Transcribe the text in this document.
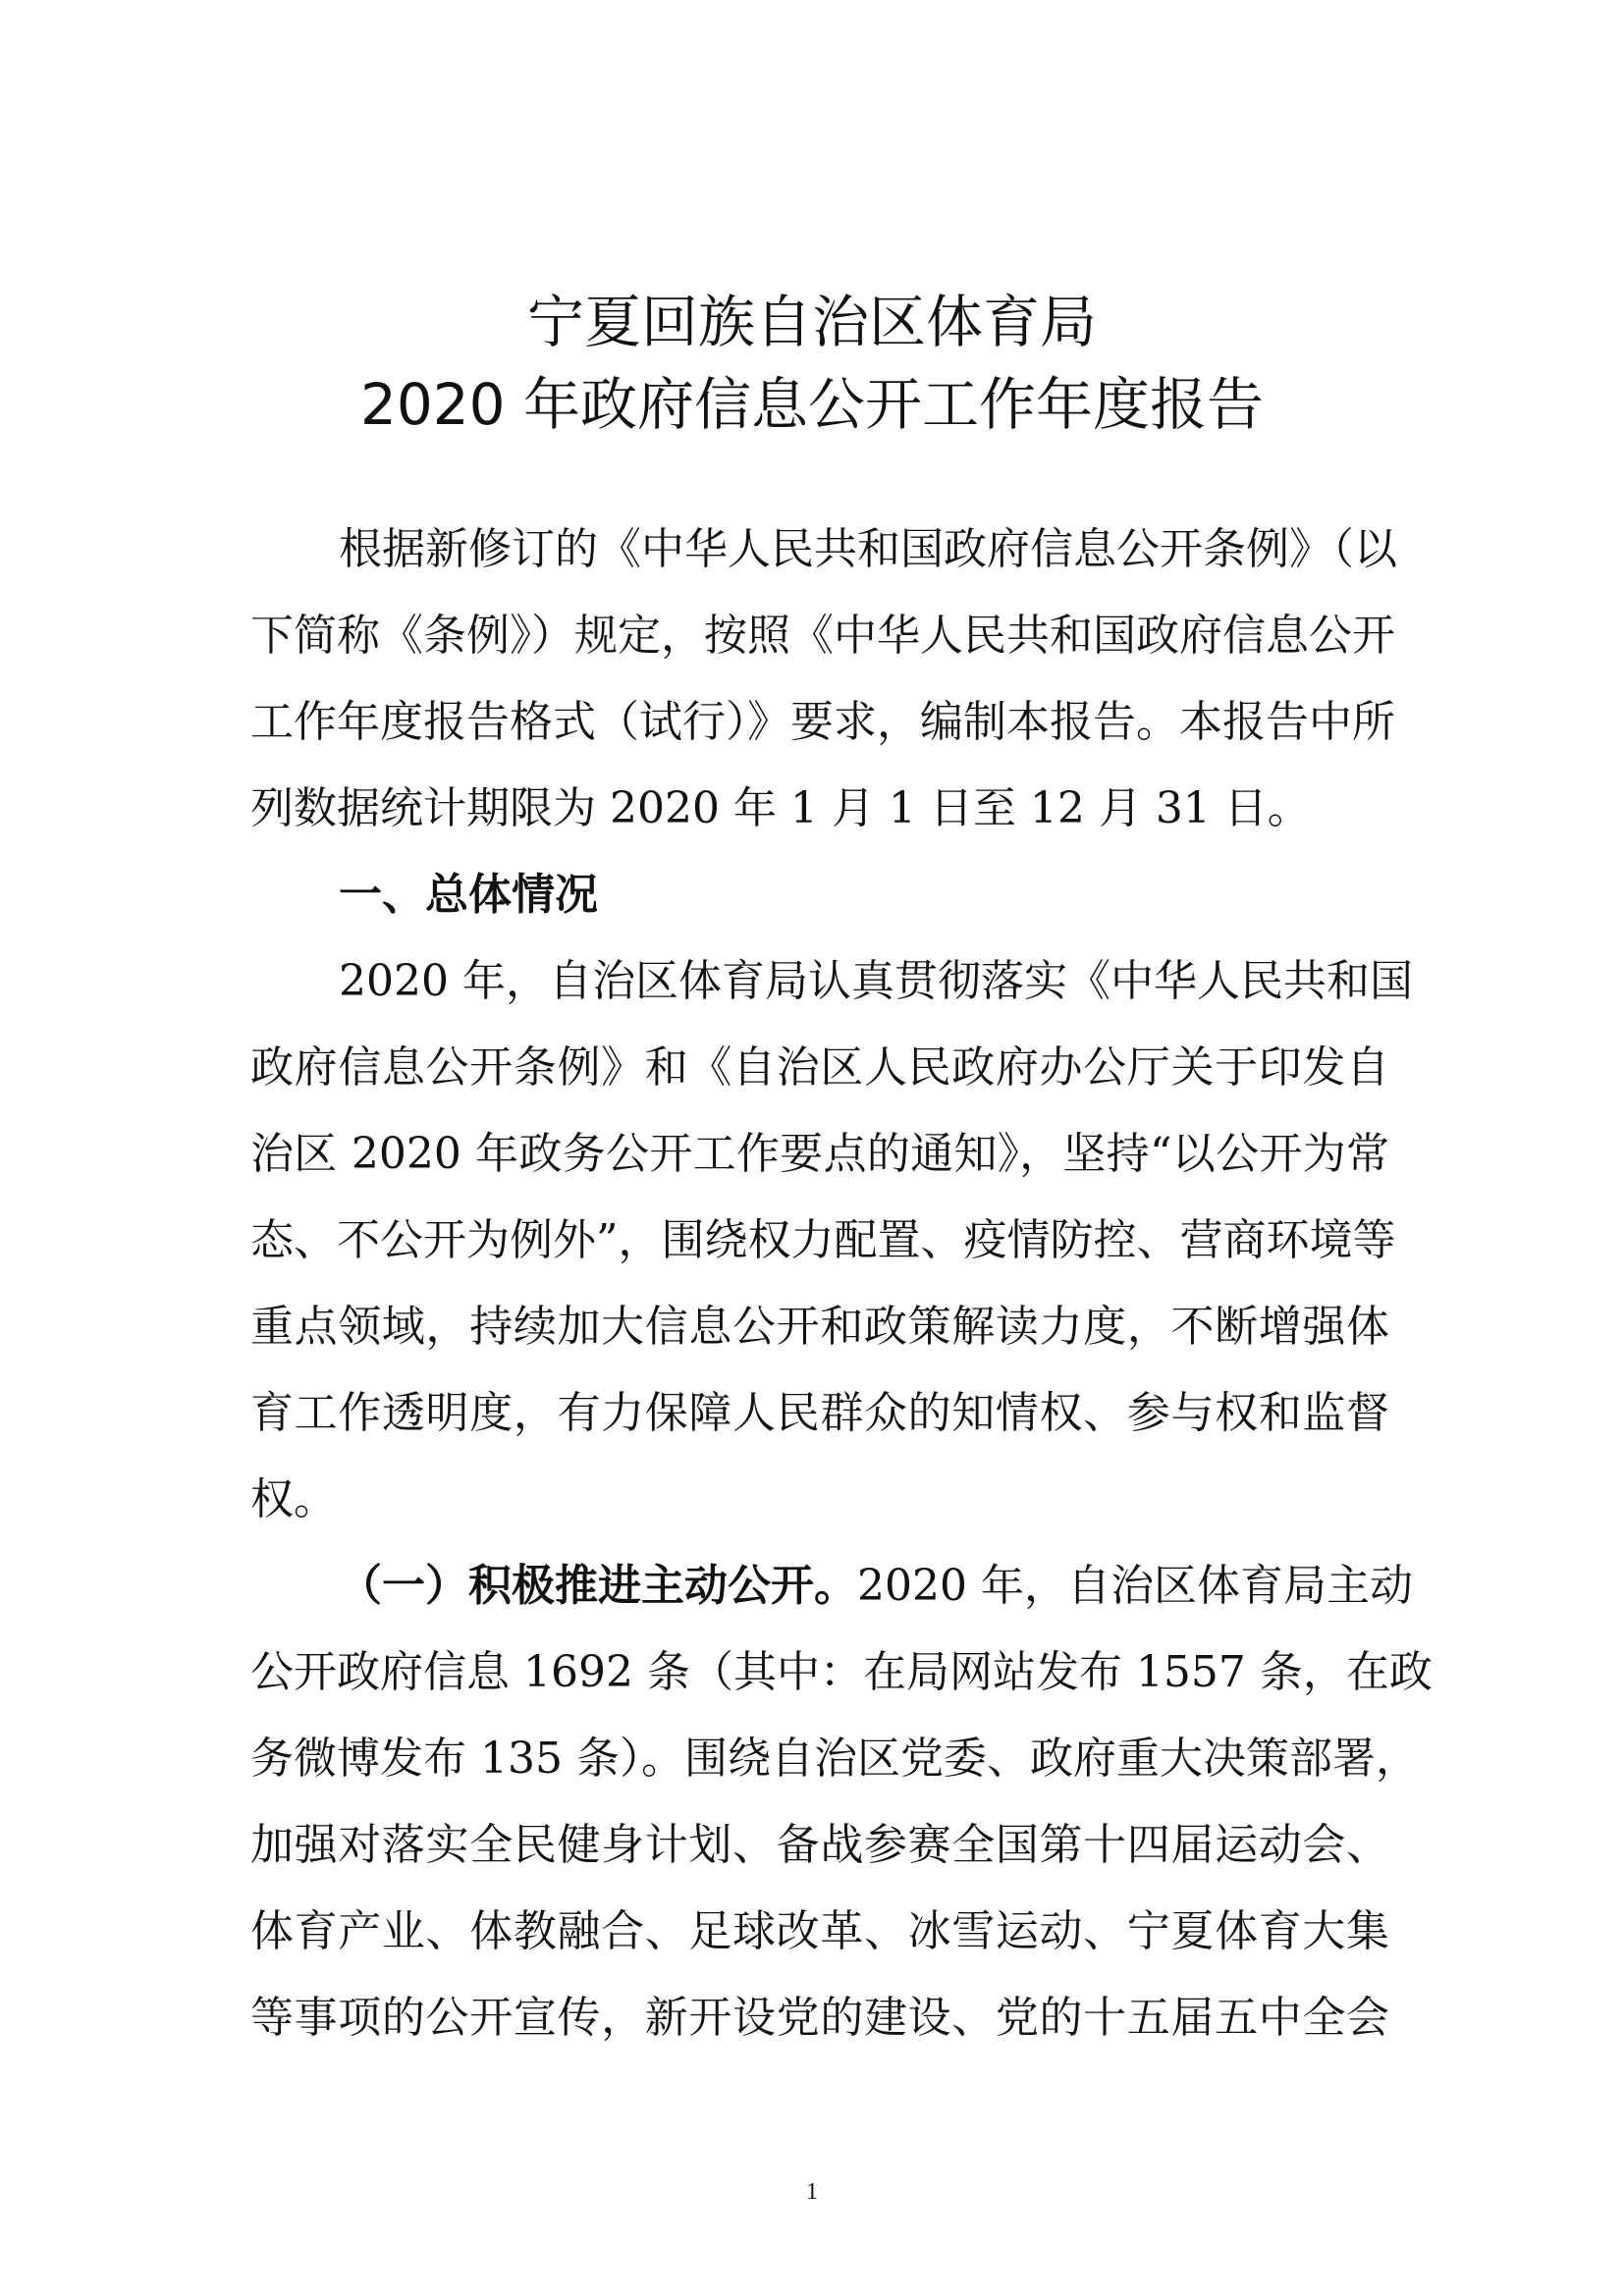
宁夏回族自治区体育局
2020 年政府信息公开工作年度报告
根据新修订的《中华人民共和国政府信息公开条例》（以
下简称《条例》）规定，按照《中华人民共和国政府信息公开
工作年度报告格式（试行）》要求，编制本报告。本报告中所
列数据统计期限为 2020 年 1 月 1 日至 12 月 31 日。
一、总体情况
2020 年，自治区体育局认真贯彻落实《中华人民共和国
政府信息公开条例》和《自治区人民政府办公厅关于印发自
治区 2020 年政务公开工作要点的通知》，坚持“以公开为常
态、不公开为例外”，围绕权力配置、疫情防控、营商环境等
重点领域，持续加大信息公开和政策解读力度，不断增强体
育工作透明度，有力保障人民群众的知情权、参与权和监督
权。
（一）积极推进主动公开。2020 年，自治区体育局主动
公开政府信息 1692 条（其中：在局网站发布 1557 条，在政
务微博发布 135 条）。围绕自治区党委、政府重大决策部署，
加强对落实全民健身计划、备战参赛全国第十四届运动会、
体育产业、体教融合、足球改革、冰雪运动、宁夏体育大集
等事项的公开宣传，新开设党的建设、党的十五届五中全会
1
